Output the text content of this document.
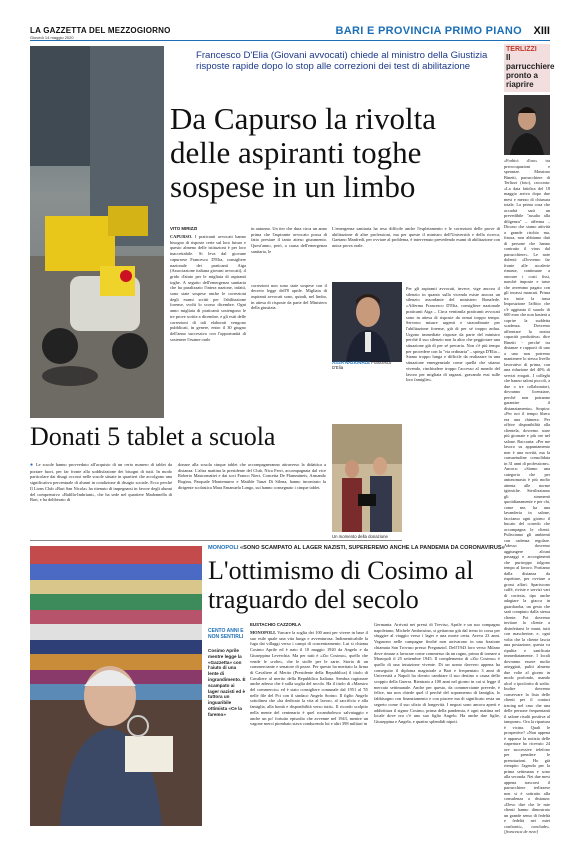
LA GAZZETTA DEL MEZZOGIORNO
Giovedì 14 maggio 2020
BARI E PROVINCIA PRIMO PIANO XIII
Francesco D'Elia (Giovani avvocati) chiede al ministro della Giustizia risposte rapide dopo lo stop alle correzioni dei test di abilitazione
Da Capurso la rivolta delle aspiranti toghe sospese in un limbo
VITO MIRIZZI
CAPURSO. I praticanti avvocati hanno bisogno di risposte certe sul loro futuro e questo almeno delle istituzioni è per loro inaccettabile. Si leva dal giovane capursese Francesco D'Elia, consigliere nazionale dei praticanti Aiga (Associazione italiana giovani avvocati), il grido d'aiuto per le migliaia di aspiranti toghe. A seguito dell'emergenza sanitaria che ha paralizzato l'intera nazione, infatti, sono state sospese anche le correzioni degli esami scritti per l'abilitazione forense, svolti lo scorso dicembre. Ogni anno migliaia di praticanti sostengono le tre prove scritte a dicembre, e gli esiti delle correzioni di tali elaborati vengono pubblicati, in genere, entro il 30 giugno dell'anno successivo con l'opportunità di sostenere l'esame orale
in autunno. Un iter che dura circa un anno prima che l'aspirante avvocato possa di fatto prestare il tanto atteso giuramento. Quest'anno, però, a causa dell'emergenza sanitaria, le
correzioni non sono state sospese con il decreto legge dell'8 aprile. Migliaia di aspiranti avvocati sono, quindi, nel limbo, in attesa di risposte da parte del Ministero della giustizia.
L'emergenza sanitaria ha reso difficile anche l'espletamento e le correzioni delle prove di abilitazione di altre professioni, ma per queste il ministro dell'Università e della ricerca, Gaetano Manfredi, per ovviare al problema, è intervenuto prevedendo esami di abilitazione con unica prova orale.
ASSA NAZIONALE Francesco D'Elia
Per gli aspiranti avvocati, invece, vige ancora il silenzio in quanto sulla vicenda esiste ancora un silenzio assordante del ministero Bonafede. «Afferma Francesco D'Elia, consigliere nazionale praticanti Aiga – Circa ventimila praticanti avvocati sono in attesa di risposte da ormai troppo tempo. Servono misure urgenti e straordinarie per l'abilitazione forense, già di per sé troppo ardua. Urgono immediate risposte da parte del ministro perché il suo silenzio non fa altro che peggiorare una situazione già di per sé precaria. Non c'è più tempo per procedere con la "via ordinaria" – spiega D'Elia – Siamo troppo lunga e difficile da realizzare in una situazione emergenziale come quella che stiamo vivendo, rinchiudere troppo l'accesso al mondo del lavoro per migliaia di ragazzi, gravando essi sulle loro famiglie».
Donati 5 tablet a scuola
● Le scuole hanno provveduto all'acquisto di un certo numero di tablet da portare fuori, per far fronte alla soddisfazione dei bisogni di tutti. In modo particolare dai disagi occorsi nelle scuole situate in quartieri che accolgono una significativa percentuale di alunni in condizione di disagio sociale. Ecco perché Il Lions Club «Bari San Nicola» ha ritenuto di impegnarsi in favore degli alunni del comprensivo «Balilla-Imbriani», che ha sede nel quartiere Madonnella di Bari, e ha deliberato di
donare alla scuola cinque tablet che accompagneranno attraverso la didattica a distanza. L'altra mattina la presidente del Club, Nica Ferri, accompagnata dal vice Roberto Mastromattei e dai soci Franco Nieri, Concetta De Flammineis, Armando Rogina, Pasquale Montemurro e Matilde Tanzi Di Silena, hanno incontrato la dirigente scolastica Mara Emanuela Longo, sui hanno consegnato i cinque tablet.
Un momento della donazione
MONOPOLI «SONO SCAMPATO AL LAGER NAZISTI, SUPEREREMO ANCHE LA PANDEMIA DA CORONAVIRUS»
L'ottimismo di Cosimo al traguardo del secolo
CENTO ANNI E NON SENTIRLI
Cosimo Aprile mentre legge la «Gazzetta» con l'aiuto di una lente di ingrandimento. È scampato ai lager nazisti ed è tuttora un inguaribile ottimista «Ce la faremo»
EUSTACHIO CAZZORLA
MONOPOLI. Varcare la soglia dei 100 anni per vivere in base il suo esile quale una vita lunga e avventurosa. Indimenticabile la fuga dai villaggi verso i campi di concentramento. Lui si chiama Cosimo Aprile ed è nato il 10 maggio 1920 da Angelo e da Giuseppina Leverchia. Ma per tutti è «Zio Cosimo», quello che vende le «robe», che le stoffe per le sarte. Storia di un commerciante e senatore di pezze. Per questo ha meritato la firma di Cavaliere al Merito (Presidente della Repubblica) il titolo di Cavaliere al merito della Repubblica Italiana. Sembra ragionare anche adesso che è sulla soglia del secolo. Ha il titolo di «Maestro del commercio» ed è stato consigliere comunale dal 1951 al '55 nelle file del Pci con il sindaco Angelo Sorino. Il figlio Angelo sottolinea che «ha dedicato la vita al lavoro, al sacrificio e alla famiglia, alla bontà e disponibilità verso tutti». Il ricordo scolpito nella mente del centenario è quel rocambolesco salvataggio e anche un po' fortuito episodio che avvenne nel 1943, mentre un vagone merci piombato stava conducendo lui e altri 398 militari in
Germania. Arrivati nei pressi di Treviso, Aprile e un suo compagno napoletano, Michele Ambrosino, si gettarono giù dal treno in corsa per sfuggire al viaggio verso i lager e una morte certa. Aveva 23 anni. Vagarono nelle campagne finché non arrivarono in una frazione chiamata San Trovaso presso Preganziol. Dell'1943 loro verso Milano dove rimase a lavorare come commesso da un ragno, prima di tornare a Monopoli il 25 settembre 1945. Il complemento di «Zio Cosimo» è quello di una intuizione vivente. Di un uomo davvero appena ha conseguito il diploma magistrale a Bari e frequentato 3 anni di Università a Napoli ha dovuto cambiare il suo destino a causa dello scoppio della Guerra. Rientrato a 100 anni nel giorno in cui si legge il mercato settimanale. Anche per questo, da commerciante prevede, è felice, ma non chiede quel il perché del sopramenso di famiglia, lo fabbisogno con finanziamento e con piacere ma di significato resta un segreto come il suo sfizio di longevità. I negozi sono ancora aperti e addirittura il signor Cosimo, prima della pandemia, è ogni mattina nel locale dove ora c'è uno suo figlio Angelo. Ha anche due figlie, Giuseppina e Angela, e quattro splendidi nipoti.
TERLIZZI
Il parrucchiere pronto a riaprire
«Forbici d'oro» tra preoccupazioni e speranze. Massimo Binetti, parrucchiere di Terlizzi (foto), racconta: «La data fatidica del 18 maggio arriva dopo due mesi e mezzo di chiusura totale. La prima cosa che accadrà sarà un prevedibile "assalto alla diligenza" – afferma – Dicono che siamo attività a grande rischio ma, finora, non abbiamo dati di persone che hanno contratto il virus dal parrucchiere». Le note dolenti: «Dovremo far fronte alle accalerie rimaste, continuare a onorare i costi fissi, nonché imposte e tasse che avremmo pagato con gli incassi mancati. Prima tra tutte la tassa Imposizione l'affitto che c'è aggiunta il suaolo di 600 euro che non basterà a coprire la suddetta scadenza. Dovremo affrontare la nostra capacità produttiva» dice Binetti - perché tra distanze e rapporti di uno a uno non potremo mantenere lo stesso livello lavorativo di prima, con una riduzione del 40% di servizi erogati. I colleghi che hanno saloni piccoli, a due o tre collaboratori, dovranno licenziare, perché non potranno garantire il distanziamento». Sospira: «Per noi il tempo libero era una chimera. Per offrire disponibilità alla clientela, dovremo stare più giornate e più ore nel salone. Racconta: «Per me lavoro su appuntamento non è una novità, ma la consuetudine consolidata in 31 anni di professione». Ancora: «Siamo una categoria che per antonomasia è più molto attenta alle norme igieniche. Sterilizziamo gli strumenti quotidianamente e per chi, come me, ha una lavanderia in salone, facciamo ogni giorno il bucato del corredo che accompagna le clienti. Pulisciamo gli ambienti con cadenza regolare. Adesso dovremo aggiungere alcuni passaggi e accorgimenti che purtroppo tolgono tempo al lavoro. Portiamo dalla distanza da rispettare, per ovviare a grossi affari. Spariscono caffè, riviste e servizi vari di cortesia, tipo anche adagiare la giacca in guardaroba, un gesto che sarà compiuto dalla stessa cliente. Poi dovremo invitare la cliente a disinfettarsi le mani, tutti con mascherine, e, ogni volta che la cliente lascia una postazione, questa va ripulita e sanificata immediatamente. I locali dovranno essere molto arieggiati, puliti almeno due volte al giorno in modo profondo, usando alcol o ipoclorito di sodio. Inoltre dovremo conservare la lista delle clienti per il contact tracing nel caso che una delle persone frequentanti il salone risulti positiva al tampone». Ora la ripartura è vicina. Quali le prospettive? «Non appena è apparsa la notizia delle riaperture ho ricevuto 24 ore successive telefono per prendere le prenotazioni. Ho già riempito l'agenda per la prima settimana e sono alla seconda. Nei due mesi appena trascorsi il parrucchiere terlizzese non si è sottratto alla consulenza a distanza: «Devo dire che le mie clienti hanno dimostrato un grande senso di fedeltà e fedeltà nei miei confronti», conclude». [francesca de ruvo]
